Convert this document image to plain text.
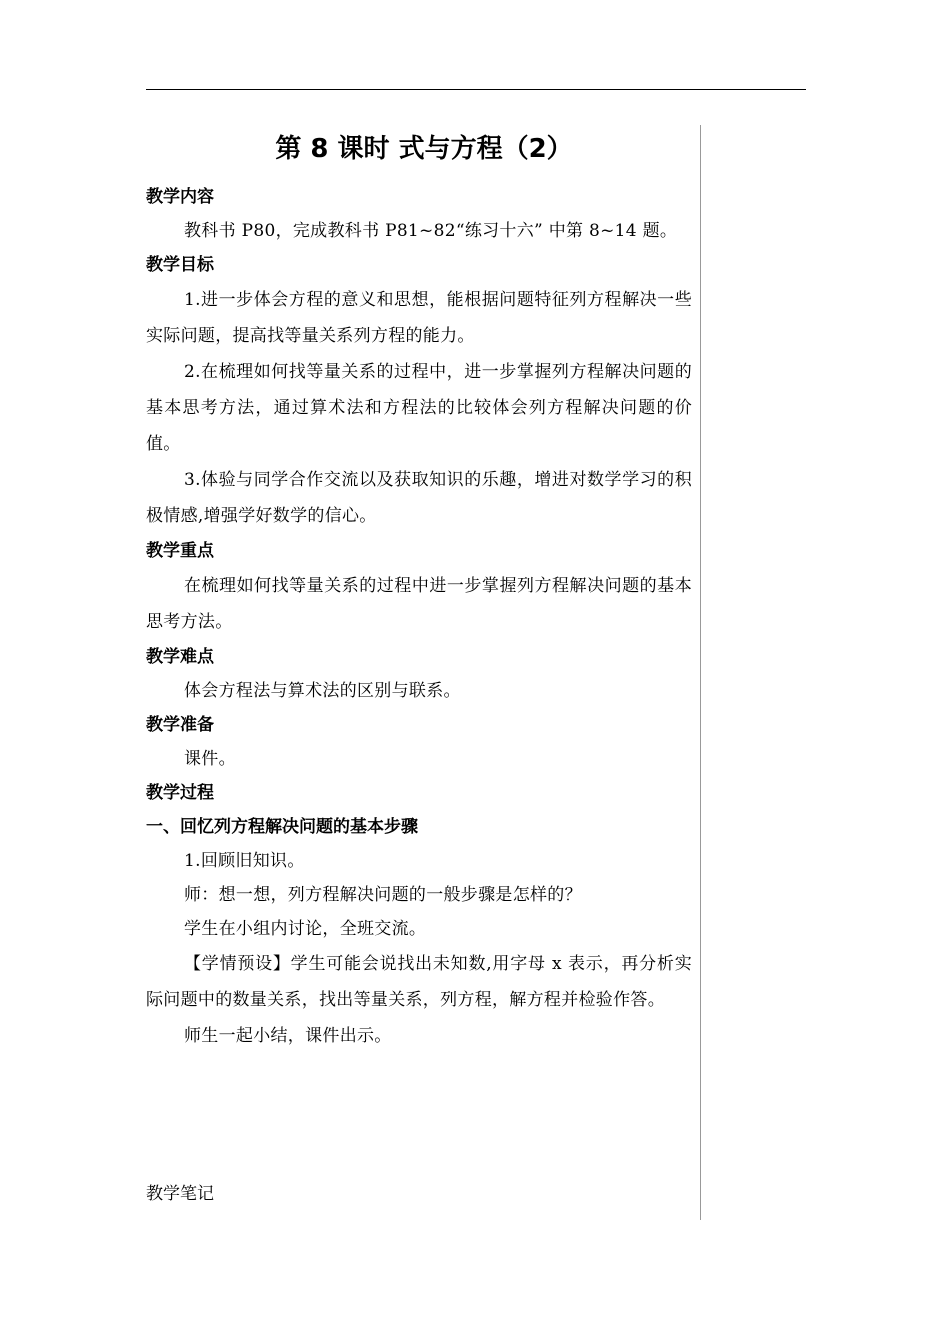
第 8 课时 式与方程（2）
教学内容
教科书 P80，完成教科书 P81~82“练习十六” 中第 8~14 题。
教学目标
1.进一步体会方程的意义和思想，能根据问题特征列方程解决一些实际问题，提高找等量关系列方程的能力。
2.在梳理如何找等量关系的过程中，进一步掌握列方程解决问题的基本思考方法，通过算术法和方程法的比较体会列方程解决问题的价值。
3.体验与同学合作交流以及获取知识的乐趣，增进对数学学习的积极情感,增强学好数学的信心。
教学重点
在梳理如何找等量关系的过程中进一步掌握列方程解决问题的基本思考方法。
教学难点
体会方程法与算术法的区别与联系。
教学准备
课件。
教学过程
一、回忆列方程解决问题的基本步骤
1.回顾旧知识。
师：想一想，列方程解决问题的一般步骤是怎样的？
学生在小组内讨论，全班交流。
【学情预设】学生可能会说找出未知数,用字母 x 表示，再分析实际问题中的数量关系，找出等量关系，列方程，解方程并检验作答。
师生一起小结，课件出示。
教学笔记
